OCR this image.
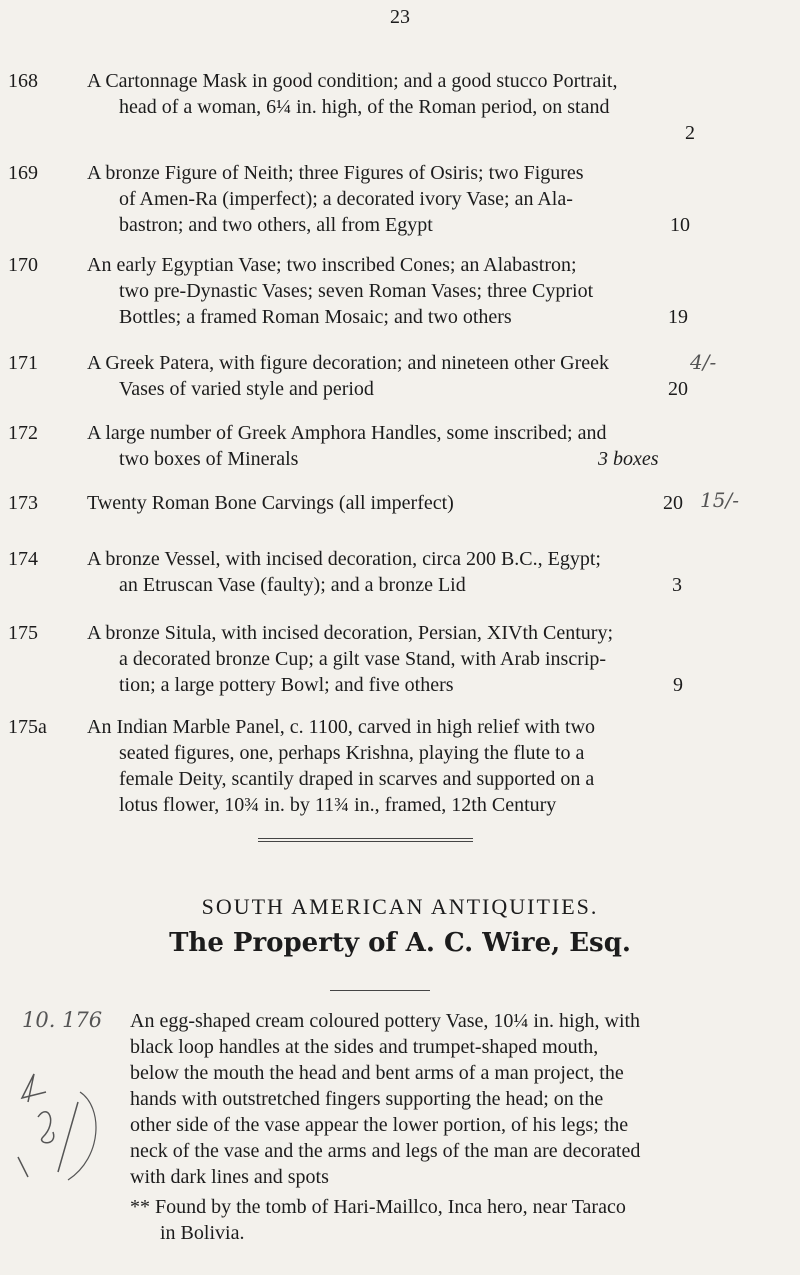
23
168	A Cartonnage Mask in good condition; and a good stucco Portrait,
head of a woman, 6¼ in. high, of the Roman period, on stand
2
169	A bronze Figure of Neith; three Figures of Osiris; two Figures
of Amen-Ra (imperfect); a decorated ivory Vase; an Ala-
bastron; and two others, all from Egypt	10
170	An early Egyptian Vase; two inscribed Cones; an Alabastron;
two pre-Dynastic Vases; seven Roman Vases; three Cypriot
Bottles; a framed Roman Mosaic; and two others	19
171	A Greek Patera, with figure decoration; and nineteen other Greek
Vases of varied style and period	20
4/-
172	A large number of Greek Amphora Handles, some inscribed; and
two boxes of Minerals	3 boxes
173	Twenty Roman Bone Carvings (all imperfect)	20 15/-
174	A bronze Vessel, with incised decoration, circa 200 B.C., Egypt;
an Etruscan Vase (faulty); and a bronze Lid	3
175	A bronze Situla, with incised decoration, Persian, XIVth Century;
a decorated bronze Cup; a gilt vase Stand, with Arab inscrip-
tion; a large pottery Bowl; and five others	9
175a	An Indian Marble Panel, c. 1100, carved in high relief with two
seated figures, one, perhaps Krishna, playing the flute to a
female Deity, scantily draped in scarves and supported on a
lotus flower, 10¾ in. by 11¾ in., framed, 12th Century
SOUTH AMERICAN ANTIQUITIES.
The Property of A. C. Wire, Esq.
10. 176 An egg-shaped cream coloured pottery Vase, 10¼ in. high, with
black loop handles at the sides and trumpet-shaped mouth,
below the mouth the head and bent arms of a man project, the
hands with outstretched fingers supporting the head; on the
other side of the vase appear the lower portion, of his legs; the
neck of the vase and the arms and legs of the man are decorated
with dark lines and spots
** Found by the tomb of Hari-Maillco, Inca hero, near Taraco
in Bolivia.
